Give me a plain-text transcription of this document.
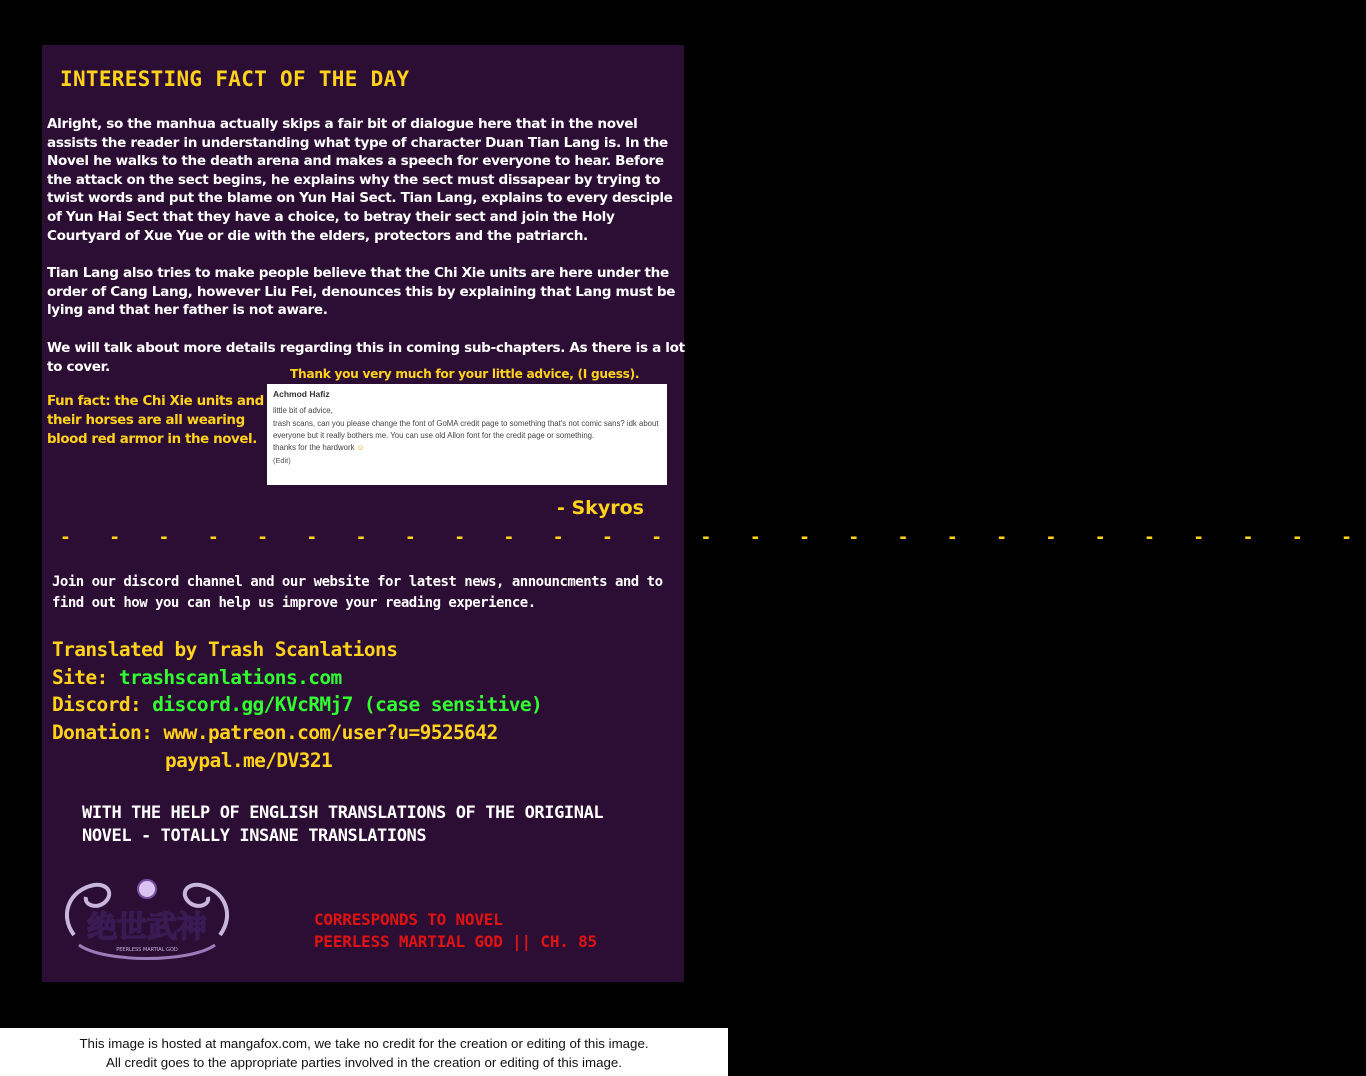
INTERESTING FACT OF THE DAY
Alright, so the manhua actually skips a fair bit of dialogue here that in the novel assists the reader in understanding what type of character Duan Tian Lang is. In the Novel he walks to the death arena and makes a speech for everyone to hear. Before the attack on the sect begins, he explains why the sect must dissapear by trying to twist words and put the blame on Yun Hai Sect. Tian Lang, explains to every desciple of Yun Hai Sect that they have a choice, to betray their sect and join the Holy Courtyard of Xue Yue or die with the elders, protectors and the patriarch.
Tian Lang also tries to make people believe that the Chi Xie units are here under the order of Cang Lang, however Liu Fei, denounces this by explaining that Lang must be lying and that her father is not aware.
We will talk about more details regarding this in coming sub-chapters. As there is a lot to cover.
Fun fact: the Chi Xie units and their horses are all wearing blood red armor in the novel.
Thank you very much for your little advice, (I guess).
Achmod Hafiz
little bit of advice,
trash scans, can you please change the font of GoMA credit page to something that's not comic sans? idk about everyone but it really bothers me. You can use old Allon font for the credit page or something.
thanks for the hardwork ☺
(Edit)
- Skyros
- - - - - - - - - - - - - - - - - - - - - - - - - - -
Join our discord channel and our website for latest news, announcments and to find out how you can help us improve your reading experience.
Translated by Trash Scanlations
Site: trashscanlations.com
Discord: discord.gg/KVcRMj7 (case sensitive)
Donation: www.patreon.com/user?u=9525642
paypal.me/DV321
WITH THE HELP OF ENGLISH TRANSLATIONS OF THE ORIGINAL NOVEL - TOTALLY INSANE TRANSLATIONS
绝世武神
PEERLESS MARTIAL GOD
CORRESPONDS TO NOVEL
PEERLESS MARTIAL GOD || CH. 85
This image is hosted at mangafox.com, we take no credit for the creation or editing of this image.
All credit goes to the appropriate parties involved in the creation or editing of this image.
